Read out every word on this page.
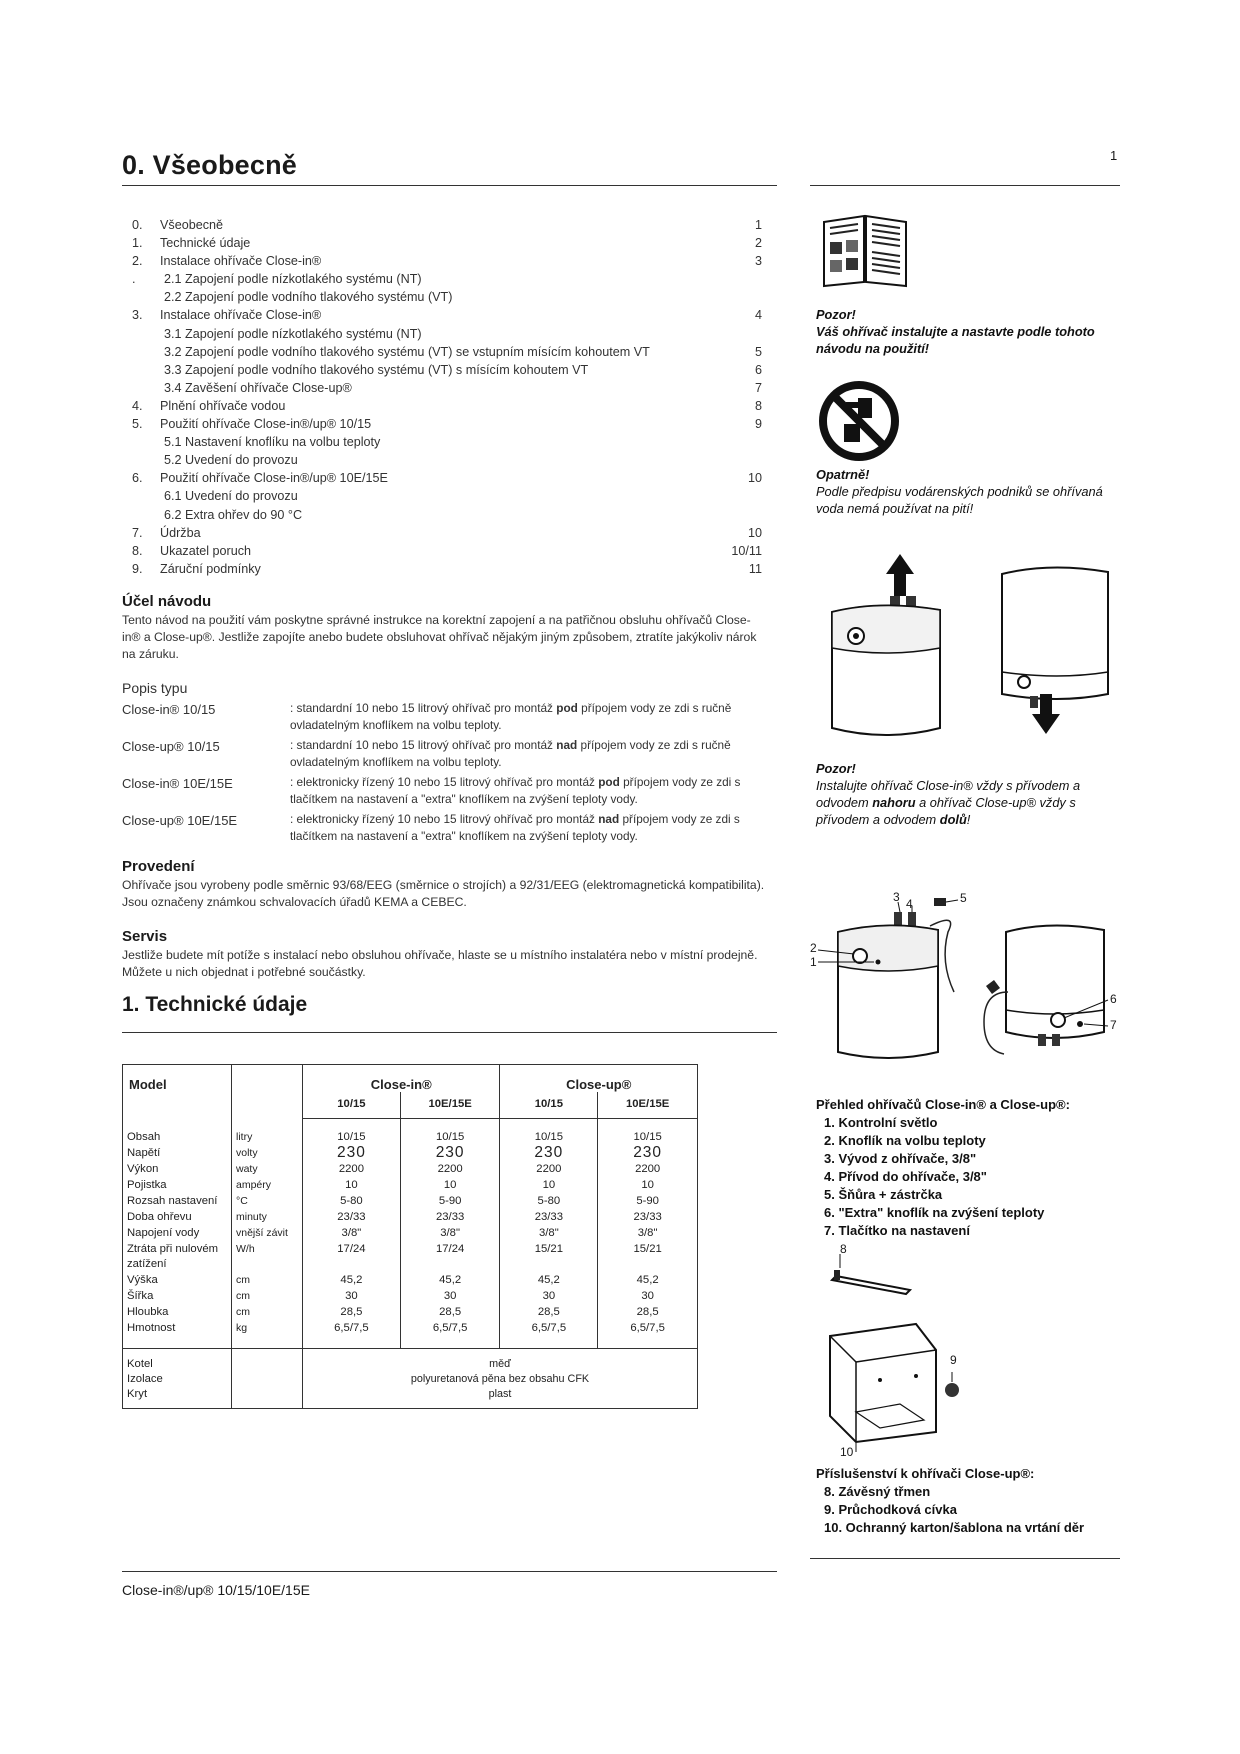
0. Všeobecně	1
0. Všeobecně	1
1. Technické údaje	2
2. Instalace ohřívače Close-in®	3
. 2.1 Zapojení podle nízkotlakého systému (NT)
2.2 Zapojení podle vodního tlakového systému (VT)
3. Instalace ohřívače Close-in®	4
3.1 Zapojení podle nízkotlakého systému (NT)
3.2 Zapojení podle vodního tlakového systému (VT) se vstupním mísícím kohoutem VT	5
3.3 Zapojení podle vodního tlakového systému (VT) s mísícím kohoutem VT	6
3.4 Zavěšení ohřívače Close-up®	7
4. Plnění ohřívače vodou	8
5. Použití ohřívače Close-in®/up® 10/15	9
5.1 Nastavení knoflíku na volbu teploty
5.2 Uvedení do provozu
6. Použití ohřívače Close-in®/up® 10E/15E	10
6.1 Uvedení do provozu
6.2 Extra ohřev do 90 °C
7. Údržba	10
8. Ukazatel poruch	10/11
9. Záruční podmínky	11
Účel návodu
Tento návod na použití vám poskytne správné instrukce na korektní zapojení a na patřičnou obsluhu ohřívačů Close-in® a Close-up®. Jestliže zapojíte anebo budete obsluhovat ohřívač nějakým jiným způsobem, ztratíte jakýkoliv nárok na záruku.
Popis typu
Close-in® 10/15	: standardní 10 nebo 15 litrový ohřívač pro montáž pod přípojem vody ze zdi s ručně ovladatelným knoflíkem na volbu teploty.
Close-up® 10/15	: standardní 10 nebo 15 litrový ohřívač pro montáž nad přípojem vody ze zdi s ručně ovladatelným knoflíkem na volbu teploty.
Close-in® 10E/15E	: elektronicky řízený 10 nebo 15 litrový ohřívač pro montáž pod přípojem vody ze zdi s tlačítkem na nastavení a "extra" knoflíkem na zvýšení teploty vody.
Close-up® 10E/15E	: elektronicky řízený 10 nebo 15 litrový ohřívač pro montáž nad přípojem vody ze zdi s tlačítkem na nastavení a "extra" knoflíkem na zvýšení teploty vody.
Provedení
Ohřívače jsou vyrobeny podle směrnic 93/68/EEG (směrnice o strojích) a 92/31/EEG (elektromagnetická kompatibilita). Jsou označeny známkou schvalovacích úřadů KEMA a CEBEC.
Servis
Jestliže budete mít potíže s instalací nebo obsluhou ohřívače, hlaste se u místního instalatéra nebo v místní prodejně. Můžete u nich objednat i potřebné součástky.
1. Technické údaje
Model		Close-in®		Close-up®	
		10/15	10E/15E	10/15	10E/15E

Obsah	litry	10/15	10/15	10/15	10/15
Napětí	volty	230	230	230	230
Výkon	waty	2200	2200	2200	2200
Pojistka	ampéry	10	10	10	10
Rozsah nastavení	°C	5-80	5-90	5-80	5-90
Doba ohřevu	minuty	23/33	23/33	23/33	23/33
Napojení vody	vnější závit	3/8"	3/8"	3/8"	3/8"
Ztráta při nulovém zatížení	W/h	17/24	17/24	15/21	15/21
Výška	cm	45,2	45,2	45,2	45,2
Šířka	cm	30	30	30	30
Hloubka	cm	28,5	28,5	28,5	28,5
Hmotnost	kg	6,5/7,5	6,5/7,5	6,5/7,5	6,5/7,5

Kotel		měď			
Izolace		polyuretanová pěna bez obsahu CFK			
Kryt		plast			
Pozor!
Váš ohřívač instalujte a nastavte podle tohoto návodu na použití!
Opatrně!
Podle předpisu vodárenských podniků se ohřívaná voda nemá používat na pití!
Pozor!
Instalujte ohřívač Close-in® vždy s přívodem a odvodem nahoru a ohřívač Close-up® vždy s přívodem a odvodem dolů!
1
2
3 4	5
6
7
Přehled ohřívačů Close-in® a Close-up®:
1. Kontrolní světlo
2. Knoflík na volbu teploty
3. Vývod z ohřívače, 3/8"
4. Přívod do ohřívače, 3/8"
5. Šňůra + zástrčka
6. "Extra" knoflík na zvýšení teploty
7. Tlačítko na nastavení
8
9
10
Příslušenství k ohřívači Close-up®:
8. Závěsný třmen
9. Průchodková cívka
10. Ochranný karton/šablona na vrtání děr
Close-in®/up® 10/15/10E/15E
